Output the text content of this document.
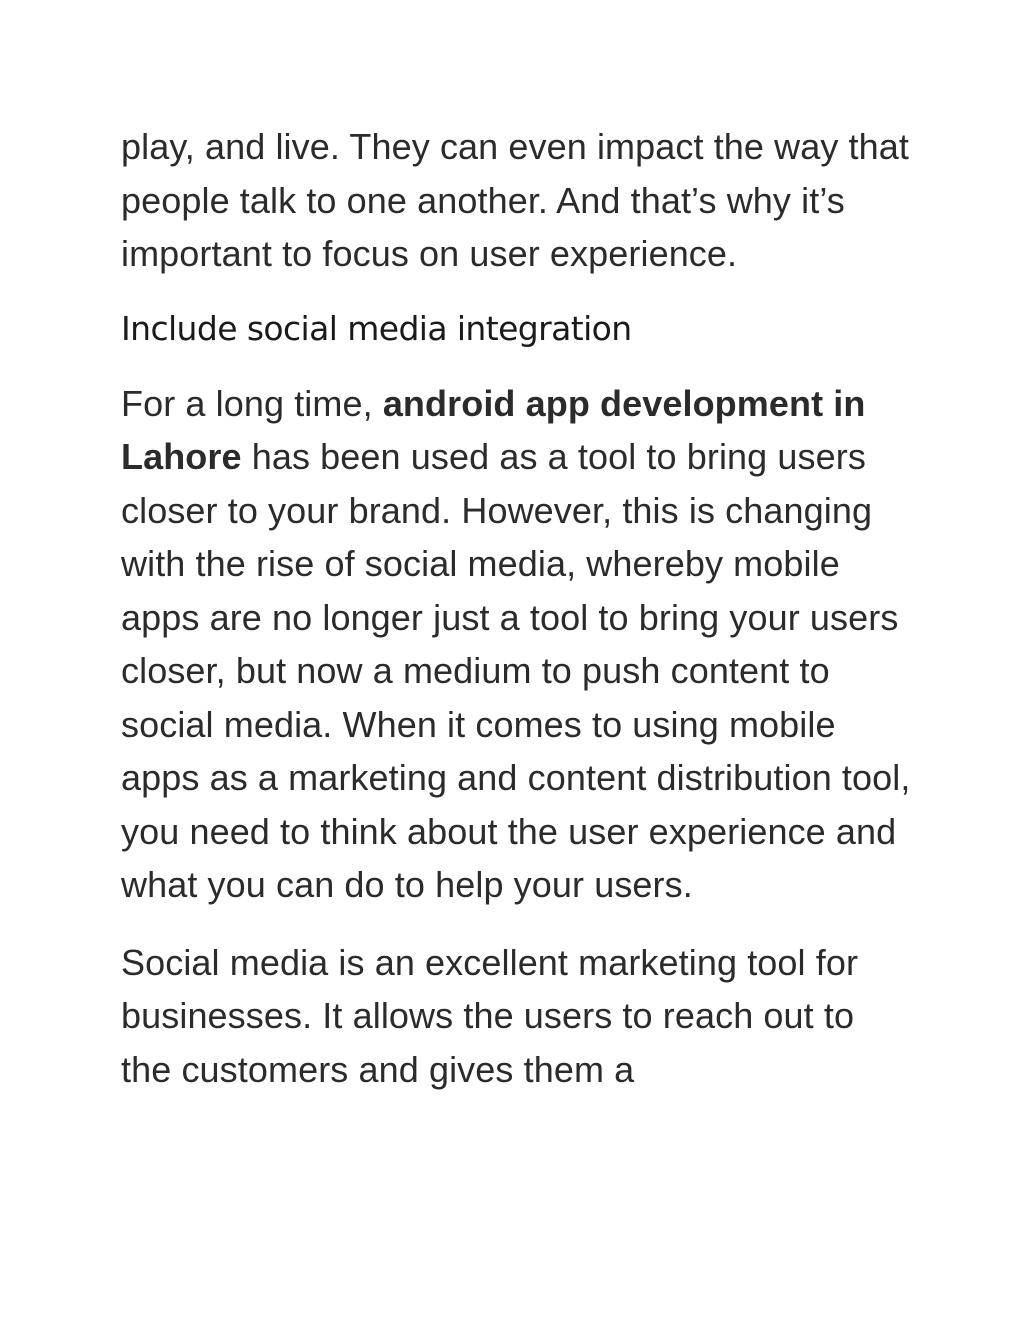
play, and live. They can even impact the way that people talk to one another. And that’s why it’s important to focus on user experience.

Include social media integration

For a long time, android app development in Lahore has been used as a tool to bring users closer to your brand. However, this is changing with the rise of social media, whereby mobile apps are no longer just a tool to bring your users closer, but now a medium to push content to social media. When it comes to using mobile apps as a marketing and content distribution tool, you need to think about the user experience and what you can do to help your users.

Social media is an excellent marketing tool for businesses. It allows the users to reach out to the customers and gives them a
